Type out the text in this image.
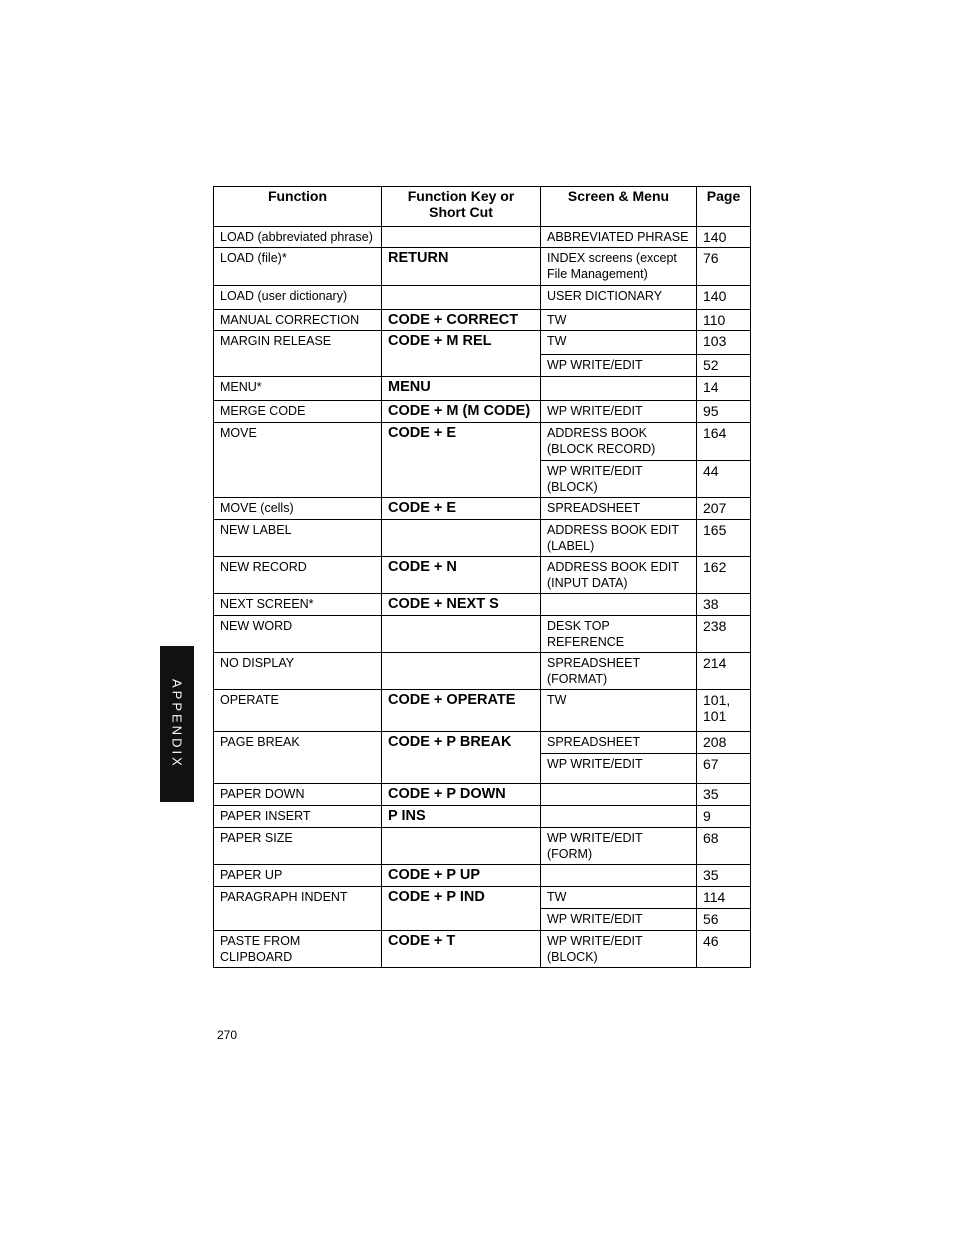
APPENDIX
Function	Function Key or Short Cut	Screen & Menu	Page
LOAD (abbreviated phrase)		ABBREVIATED PHRASE	140
LOAD (file)*	RETURN	INDEX screens (except File Management)	76
LOAD (user dictionary)		USER DICTIONARY	140
MANUAL CORRECTION	CODE + CORRECT	TW	110
MARGIN RELEASE	CODE + M REL	TW	103
		WP WRITE/EDIT	52
MENU*	MENU		14
MERGE CODE	CODE + M (M CODE)	WP WRITE/EDIT	95
MOVE	CODE + E	ADDRESS BOOK (BLOCK RECORD)	164
		WP WRITE/EDIT (BLOCK)	44
MOVE (cells)	CODE + E	SPREADSHEET	207
NEW LABEL		ADDRESS BOOK EDIT (LABEL)	165
NEW RECORD	CODE + N	ADDRESS BOOK EDIT (INPUT DATA)	162
NEXT SCREEN*	CODE + NEXT S		38
NEW WORD		DESK TOP REFERENCE	238
NO DISPLAY		SPREADSHEET (FORMAT)	214
OPERATE	CODE + OPERATE	TW	101, 101
PAGE BREAK	CODE + P BREAK	SPREADSHEET	208
		WP WRITE/EDIT	67
PAPER DOWN	CODE + P DOWN		35
PAPER INSERT	P INS		9
PAPER SIZE		WP WRITE/EDIT (FORM)	68
PAPER UP	CODE + P UP		35
PARAGRAPH INDENT	CODE + P IND	TW	114
		WP WRITE/EDIT	56
PASTE FROM CLIPBOARD	CODE + T	WP WRITE/EDIT (BLOCK)	46
270
